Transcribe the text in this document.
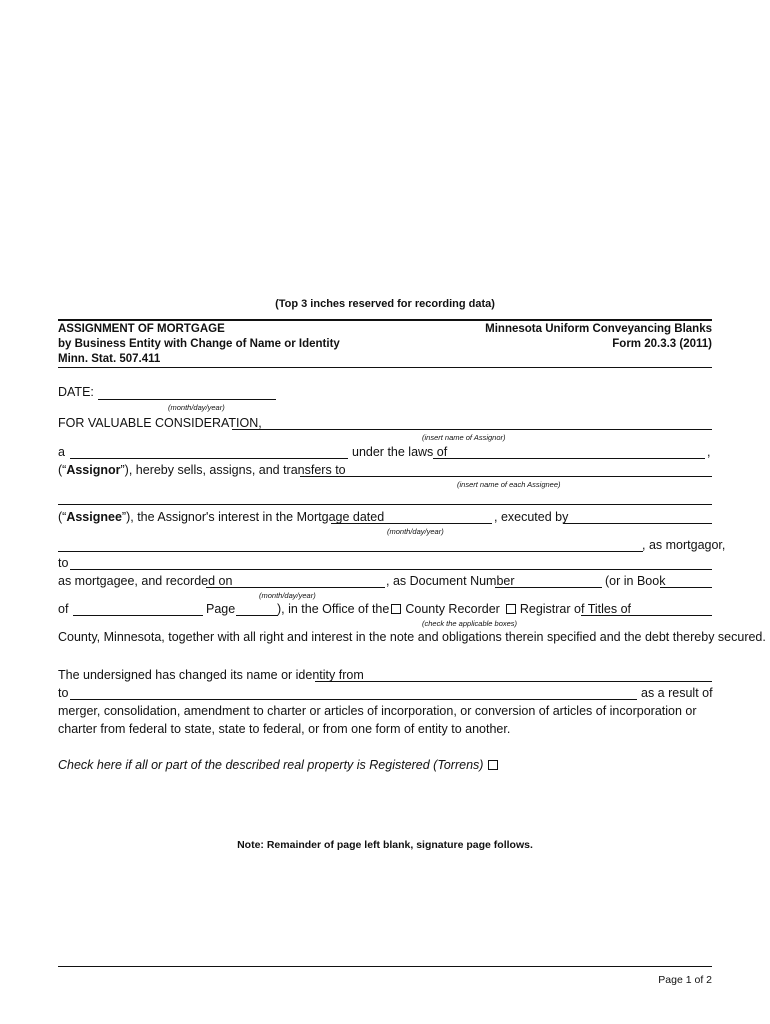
(Top 3 inches reserved for recording data)
ASSIGNMENT OF MORTGAGE
by Business Entity with Change of Name or Identity
Minn. Stat. 507.411
Minnesota Uniform Conveyancing Blanks
Form 20.3.3 (2011)
DATE:
(month/day/year)
FOR VALUABLE CONSIDERATION,
(insert name of Assignor)
a	under the laws of	,
(“Assignor”), hereby sells, assigns, and transfers to
(insert name of each Assignee)
(“Assignee”), the Assignor's interest in the Mortgage dated	, executed by
(month/day/year)
, as mortgagor,
to
as mortgagee, and recorded on	, as Document Number	(or in Book
(month/day/year)
of	Page	), in the Office of the County Recorder Registrar of Titles of
(check the applicable boxes)
County, Minnesota, together with all right and interest in the note and obligations therein specified and the debt thereby secured.
The undersigned has changed its name or identity from
to	as a result of
merger, consolidation, amendment to charter or articles of incorporation, or conversion of articles of incorporation or charter from federal to state, state to federal, or from one form of entity to another.
Check here if all or part of the described real property is Registered (Torrens)
Note: Remainder of page left blank, signature page follows.
Page 1 of 2
